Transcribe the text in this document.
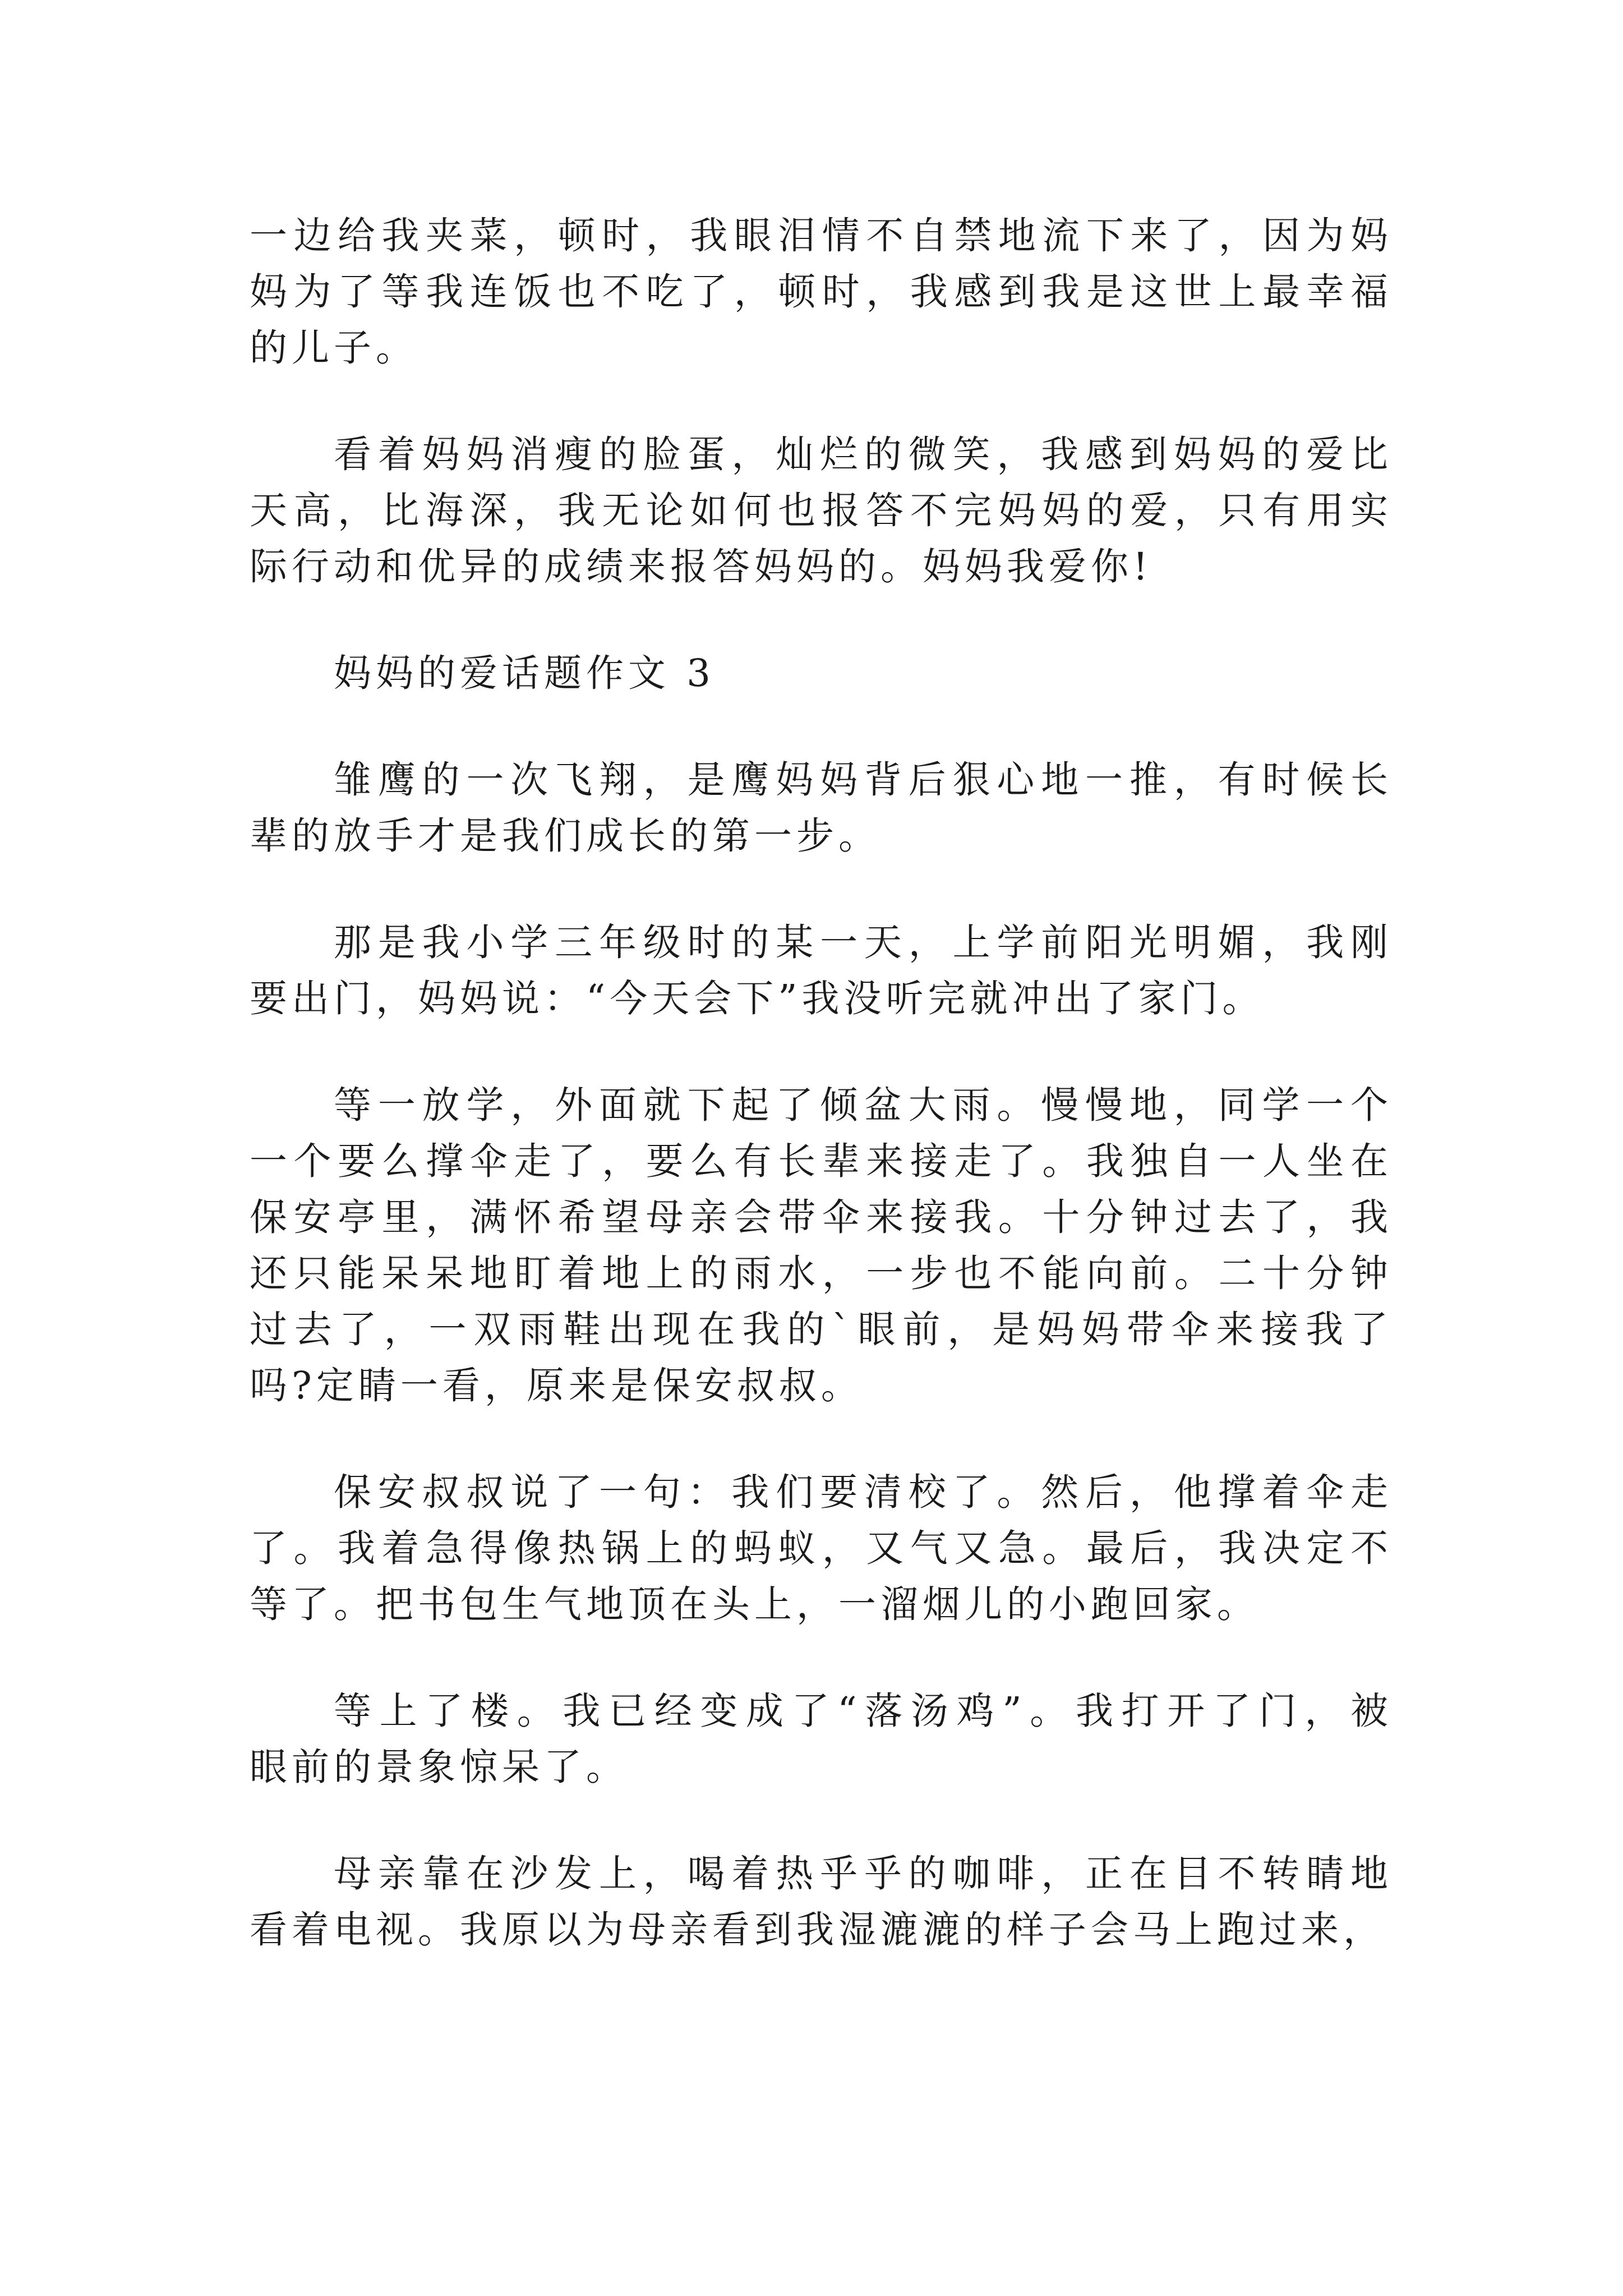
一边给我夹菜，顿时，我眼泪情不自禁地流下来了，因为妈
妈为了等我连饭也不吃了，顿时，我感到我是这世上最幸福
的儿子。
看着妈妈消瘦的脸蛋，灿烂的微笑，我感到妈妈的爱比
天高，比海深，我无论如何也报答不完妈妈的爱，只有用实
际行动和优异的成绩来报答妈妈的。妈妈我爱你!
妈妈的爱话题作文 3
雏鹰的一次飞翔，是鹰妈妈背后狠心地一推，有时候长
辈的放手才是我们成长的第一步。
那是我小学三年级时的某一天，上学前阳光明媚，我刚
要出门，妈妈说：“今天会下”我没听完就冲出了家门。
等一放学，外面就下起了倾盆大雨。慢慢地，同学一个
一个要么撑伞走了，要么有长辈来接走了。我独自一人坐在
保安亭里，满怀希望母亲会带伞来接我。十分钟过去了，我
还只能呆呆地盯着地上的雨水，一步也不能向前。二十分钟
过去了，一双雨鞋出现在我的`眼前，是妈妈带伞来接我了
吗?定睛一看，原来是保安叔叔。
保安叔叔说了一句：我们要清校了。然后，他撑着伞走
了。我着急得像热锅上的蚂蚁，又气又急。最后，我决定不
等了。把书包生气地顶在头上，一溜烟儿的小跑回家。
等上了楼。我已经变成了“落汤鸡”。我打开了门，被
眼前的景象惊呆了。
母亲靠在沙发上，喝着热乎乎的咖啡，正在目不转睛地
看着电视。我原以为母亲看到我湿漉漉的样子会马上跑过来，
